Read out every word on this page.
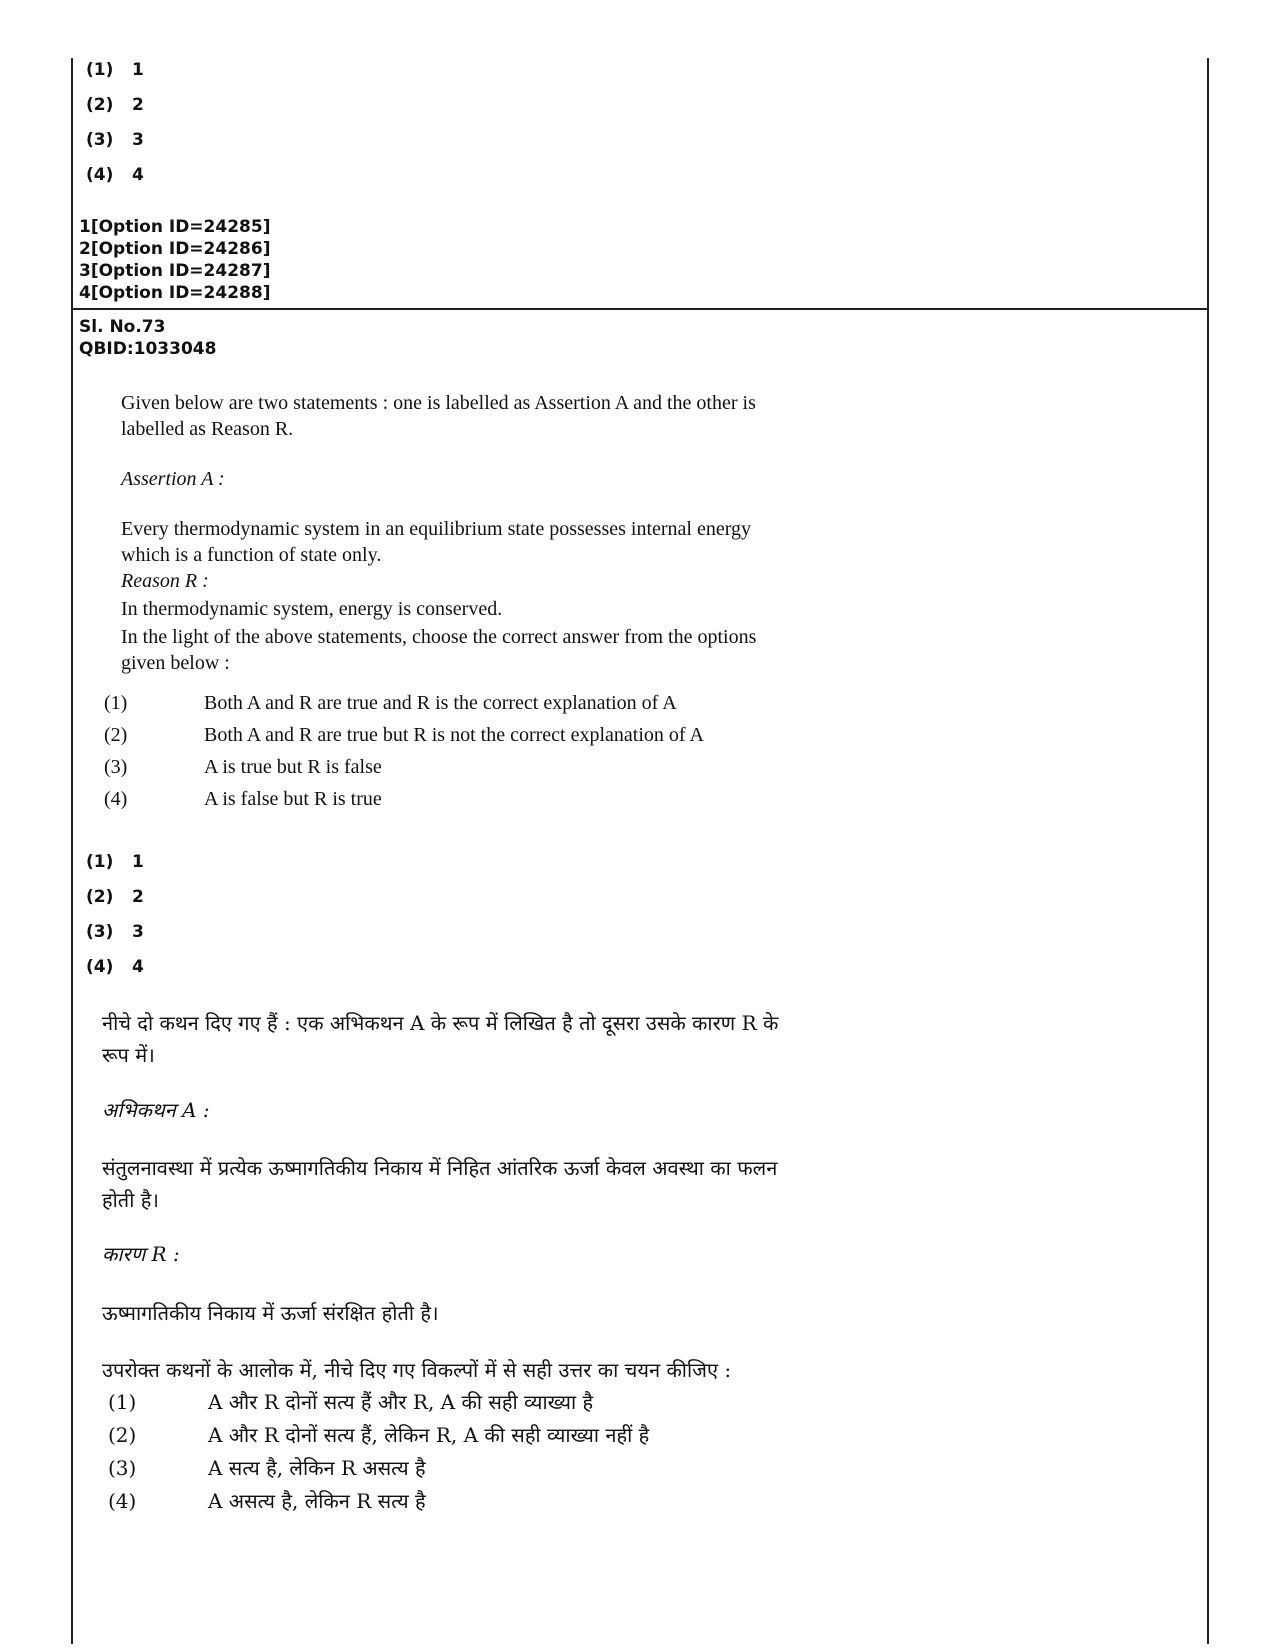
(1) 1
(2) 2
(3) 3
(4) 4
1[Option ID=24285]
2[Option ID=24286]
3[Option ID=24287]
4[Option ID=24288]
Sl. No.73
QBID:1033048

Given below are two statements : one is labelled as Assertion A and the other is

labelled as Reason R.

Assertion A :

Every thermodynamic system in an equilibrium state possesses internal energy

which is a function of state only.

Reason R :

In thermodynamic system, energy is conserved.

In the light of the above statements, choose the correct answer from the options

given below :

(1)	Both A and R are true and R is the correct explanation of A
(2)	Both A and R are true but R is not the correct explanation of A
(3)	A is true but R is false
(4)	A is false but R is true
(1) 1
(2) 2
(3) 3
(4) 4

नीचे दो कथन दिए गए हैं : एक अभिकथन A के रूप में लिखित है तो दूसरा उसके कारण R के

रूप में।

अभिकथन A :

संतुलनावस्था में प्रत्येक ऊष्मागतिकीय निकाय में निहित आंतरिक ऊर्जा केवल अवस्था का फलन

होती है।

कारण R :
ऊष्मागतिकीय निकाय में ऊर्जा संरक्षित होती है।
उपरोक्त कथनों के आलोक में, नीचे दिए गए विकल्पों में से सही उत्तर का चयन कीजिए :
(1)	A और R दोनों सत्य हैं और R, A की सही व्याख्या है
(2)	A और R दोनों सत्य हैं, लेकिन R, A की सही व्याख्या नहीं है
(3)	A सत्य है, लेकिन R असत्य है
(4)	A असत्य है, लेकिन R सत्य है
